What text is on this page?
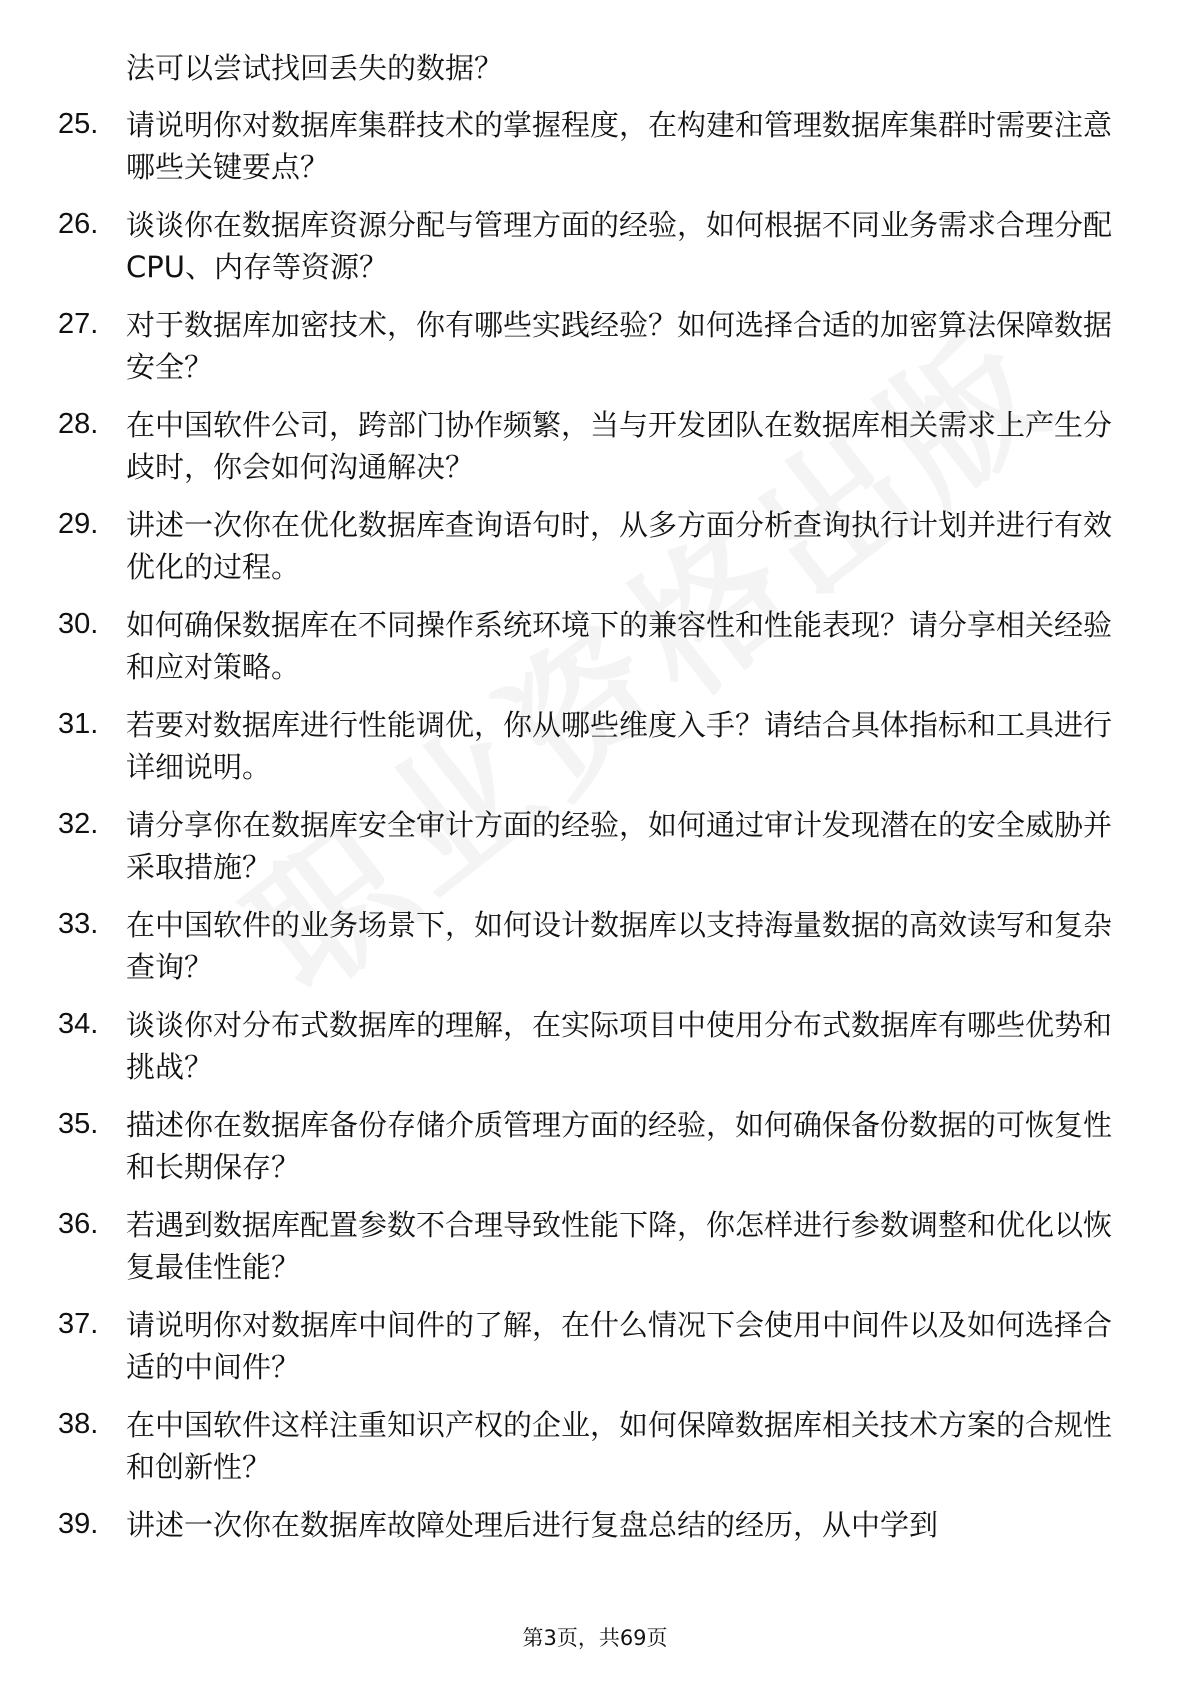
法可以尝试找回丢失的数据？
25. 请说明你对数据库集群技术的掌握程度，在构建和管理数据库集群时需要注意哪些关键要点？
26. 谈谈你在数据库资源分配与管理方面的经验，如何根据不同业务需求合理分配CPU、内存等资源？
27. 对于数据库加密技术，你有哪些实践经验？如何选择合适的加密算法保障数据安全？
28. 在中国软件公司，跨部门协作频繁，当与开发团队在数据库相关需求上产生分歧时，你会如何沟通解决？
29. 讲述一次你在优化数据库查询语句时，从多方面分析查询执行计划并进行有效优化的过程。
30. 如何确保数据库在不同操作系统环境下的兼容性和性能表现？请分享相关经验和应对策略。
31. 若要对数据库进行性能调优，你从哪些维度入手？请结合具体指标和工具进行详细说明。
32. 请分享你在数据库安全审计方面的经验，如何通过审计发现潜在的安全威胁并采取措施？
33. 在中国软件的业务场景下，如何设计数据库以支持海量数据的高效读写和复杂查询？
34. 谈谈你对分布式数据库的理解，在实际项目中使用分布式数据库有哪些优势和挑战？
35. 描述你在数据库备份存储介质管理方面的经验，如何确保备份数据的可恢复性和长期保存？
36. 若遇到数据库配置参数不合理导致性能下降，你怎样进行参数调整和优化以恢复最佳性能？
37. 请说明你对数据库中间件的了解，在什么情况下会使用中间件以及如何选择合适的中间件？
38. 在中国软件这样注重知识产权的企业，如何保障数据库相关技术方案的合规性和创新性？
39. 讲述一次你在数据库故障处理后进行复盘总结的经历，从中学到
第3页，共69页
